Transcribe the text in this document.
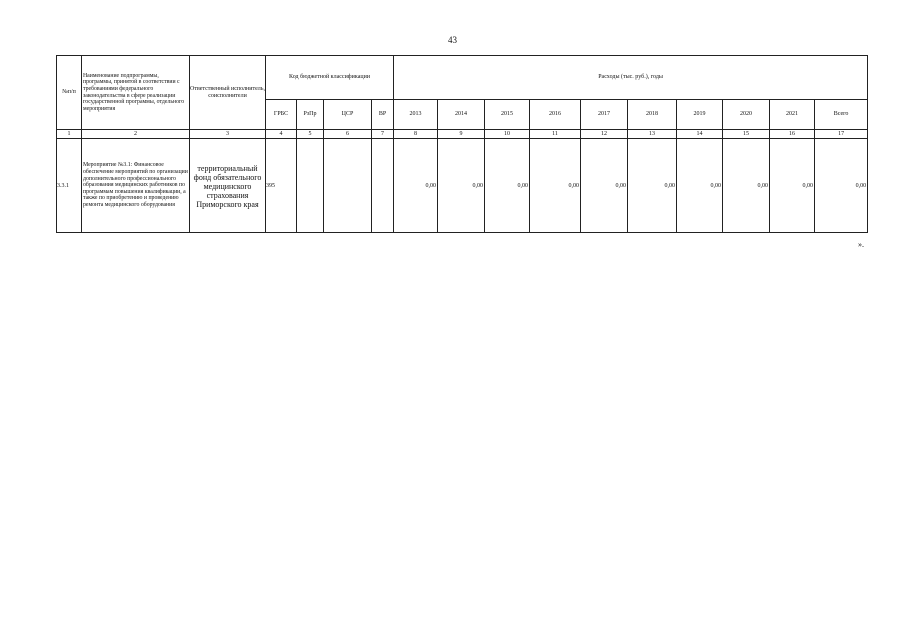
43
№п/п	Наименование подпрограммы, программы, принятой в соответствии с требованиями федерального законодательства в сфере реализации государственной программы, отдельного мероприятия	Ответственный исполнитель, соисполнители	Код бюджетной классификации				Расходы (тыс. руб.), годы									
			ГРБС	РзПр	ЦСР	ВР	2013	2014	2015	2016	2017	2018	2019	2020	2021	Всего
1	2	3	4	5	6	7	8	9	10	11	12	13	14	15	16	17
3.3.1	Мероприятие №3.1: Финансовое обеспечение мероприятий по организации дополнительного профессионального образования медицинских работников по программам повышения квалификации, а также по приобретению и проведению ремонта медицинского оборудования	территориальный фонд обязательного медицинского страхования Приморского края	395				0,00	0,00	0,00	0,00	0,00	0,00	0,00	0,00	0,00	0,00
».
